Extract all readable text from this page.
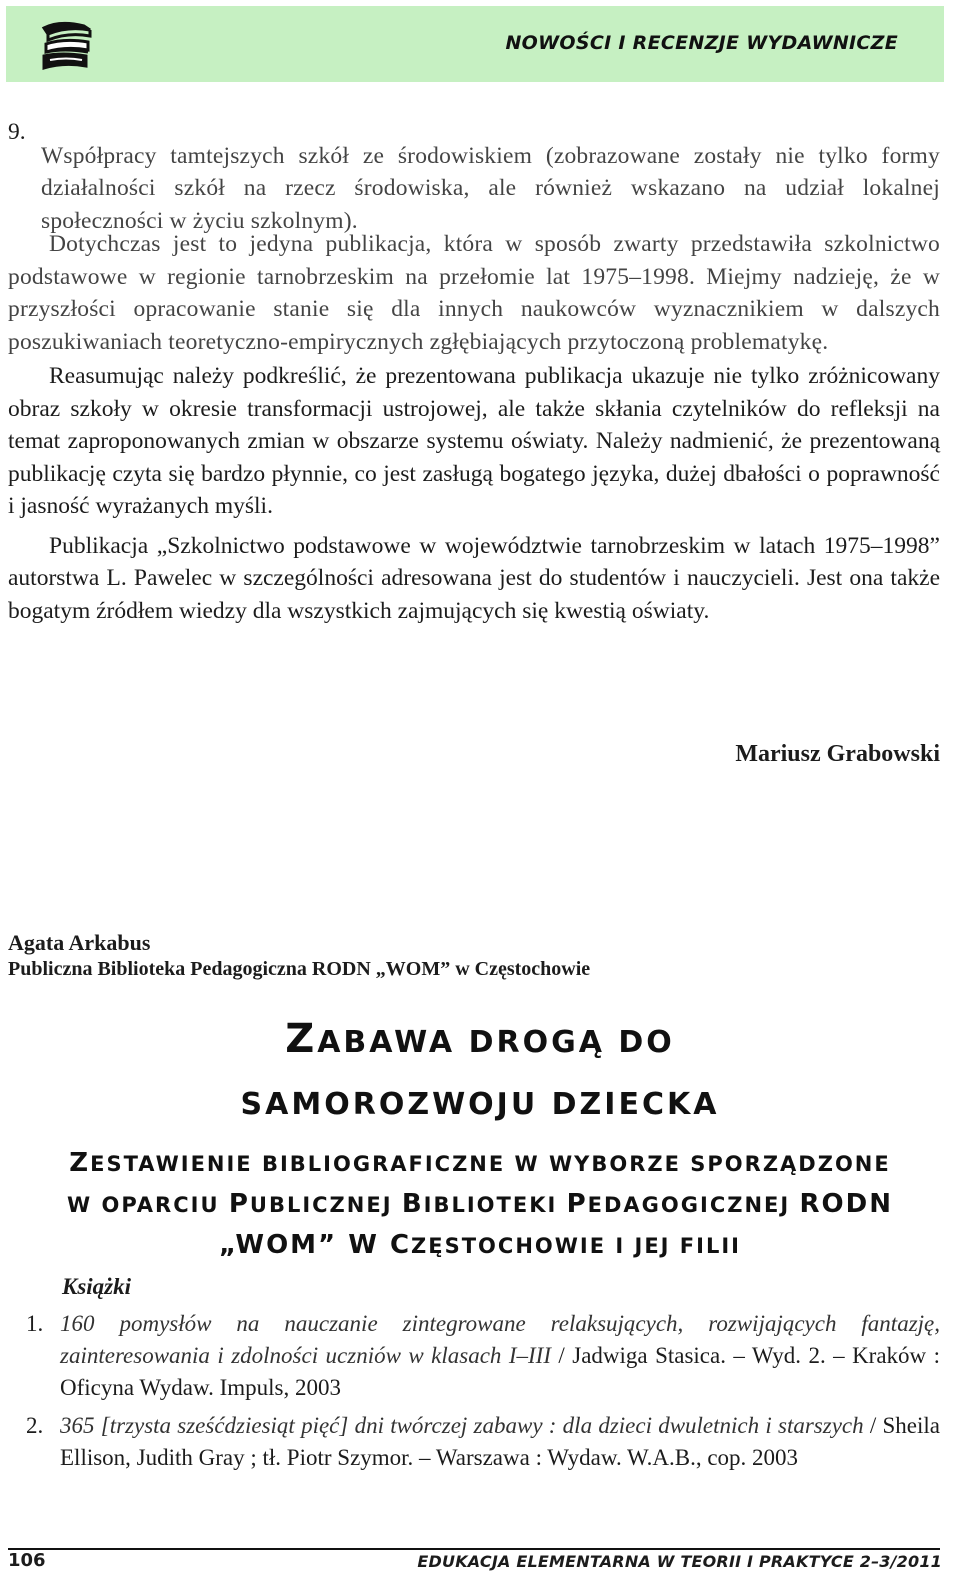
NOWOŚCI I RECENZJE WYDAWNICZE
9.

Współpracy tamtejszych szkół ze środowiskiem (zobrazowane zostały nie tylko formy działalności szkół na rzecz środowiska, ale również wskazano na udział lokalnej społeczności w życiu szkolnym).

Dotychczas jest to jedyna publikacja, która w sposób zwarty przedstawiła szkolnictwo podstawowe w regionie tarnobrzeskim na przełomie lat 1975–1998. Miejmy nadzieję, że w przyszłości opracowanie stanie się dla innych naukowców wyznacznikiem w dalszych poszukiwaniach teoretyczno-empirycznych zgłębiających przytoczoną problematykę.

Reasumując należy podkreślić, że prezentowana publikacja ukazuje nie tylko zróżnicowany obraz szkoły w okresie transformacji ustrojowej, ale także skłania czytelników do refleksji na temat zaproponowanych zmian w obszarze systemu oświaty. Należy nadmienić, że prezentowaną publikację czyta się bardzo płynnie, co jest zasługą bogatego języka, dużej dbałości o poprawność i jasność wyrażanych myśli.

Publikacja „Szkolnictwo podstawowe w województwie tarnobrzeskim w latach 1975–1998” autorstwa L. Pawelec w szczególności adresowana jest do studentów i nauczycieli. Jest ona także bogatym źródłem wiedzy dla wszystkich zajmujących się kwestią oświaty.

Mariusz Grabowski
Agata Arkabus
Publiczna Biblioteka Pedagogiczna RODN „WOM” w Częstochowie
ZABAWA DROGĄ DO
SAMOROZWOJU DZIECKA
ZESTAWIENIE BIBLIOGRAFICZNE W WYBORZE SPORZĄDZONE
W OPARCIU PUBLICZNEJ BIBLIOTEKI PEDAGOGICZNEJ RODN
„WOM” W CZĘSTOCHOWIE I JEJ FILII
Książki
1. 160 pomysłów na nauczanie zintegrowane relaksujących, rozwijających fantazję, zainteresowania i zdolności uczniów w klasach I–III / Jadwiga Stasica. – Wyd. 2. – Kraków : Oficyna Wydaw. Impuls, 2003
2. 365 [trzysta sześćdziesiąt pięć] dni twórczej zabawy : dla dzieci dwuletnich i starszych / Sheila Ellison, Judith Gray ; tł. Piotr Szymor. – Warszawa : Wydaw. W.A.B., cop. 2003
106	EDUKACJA ELEMENTARNA W TEORII I PRAKTYCE 2–3/2011
